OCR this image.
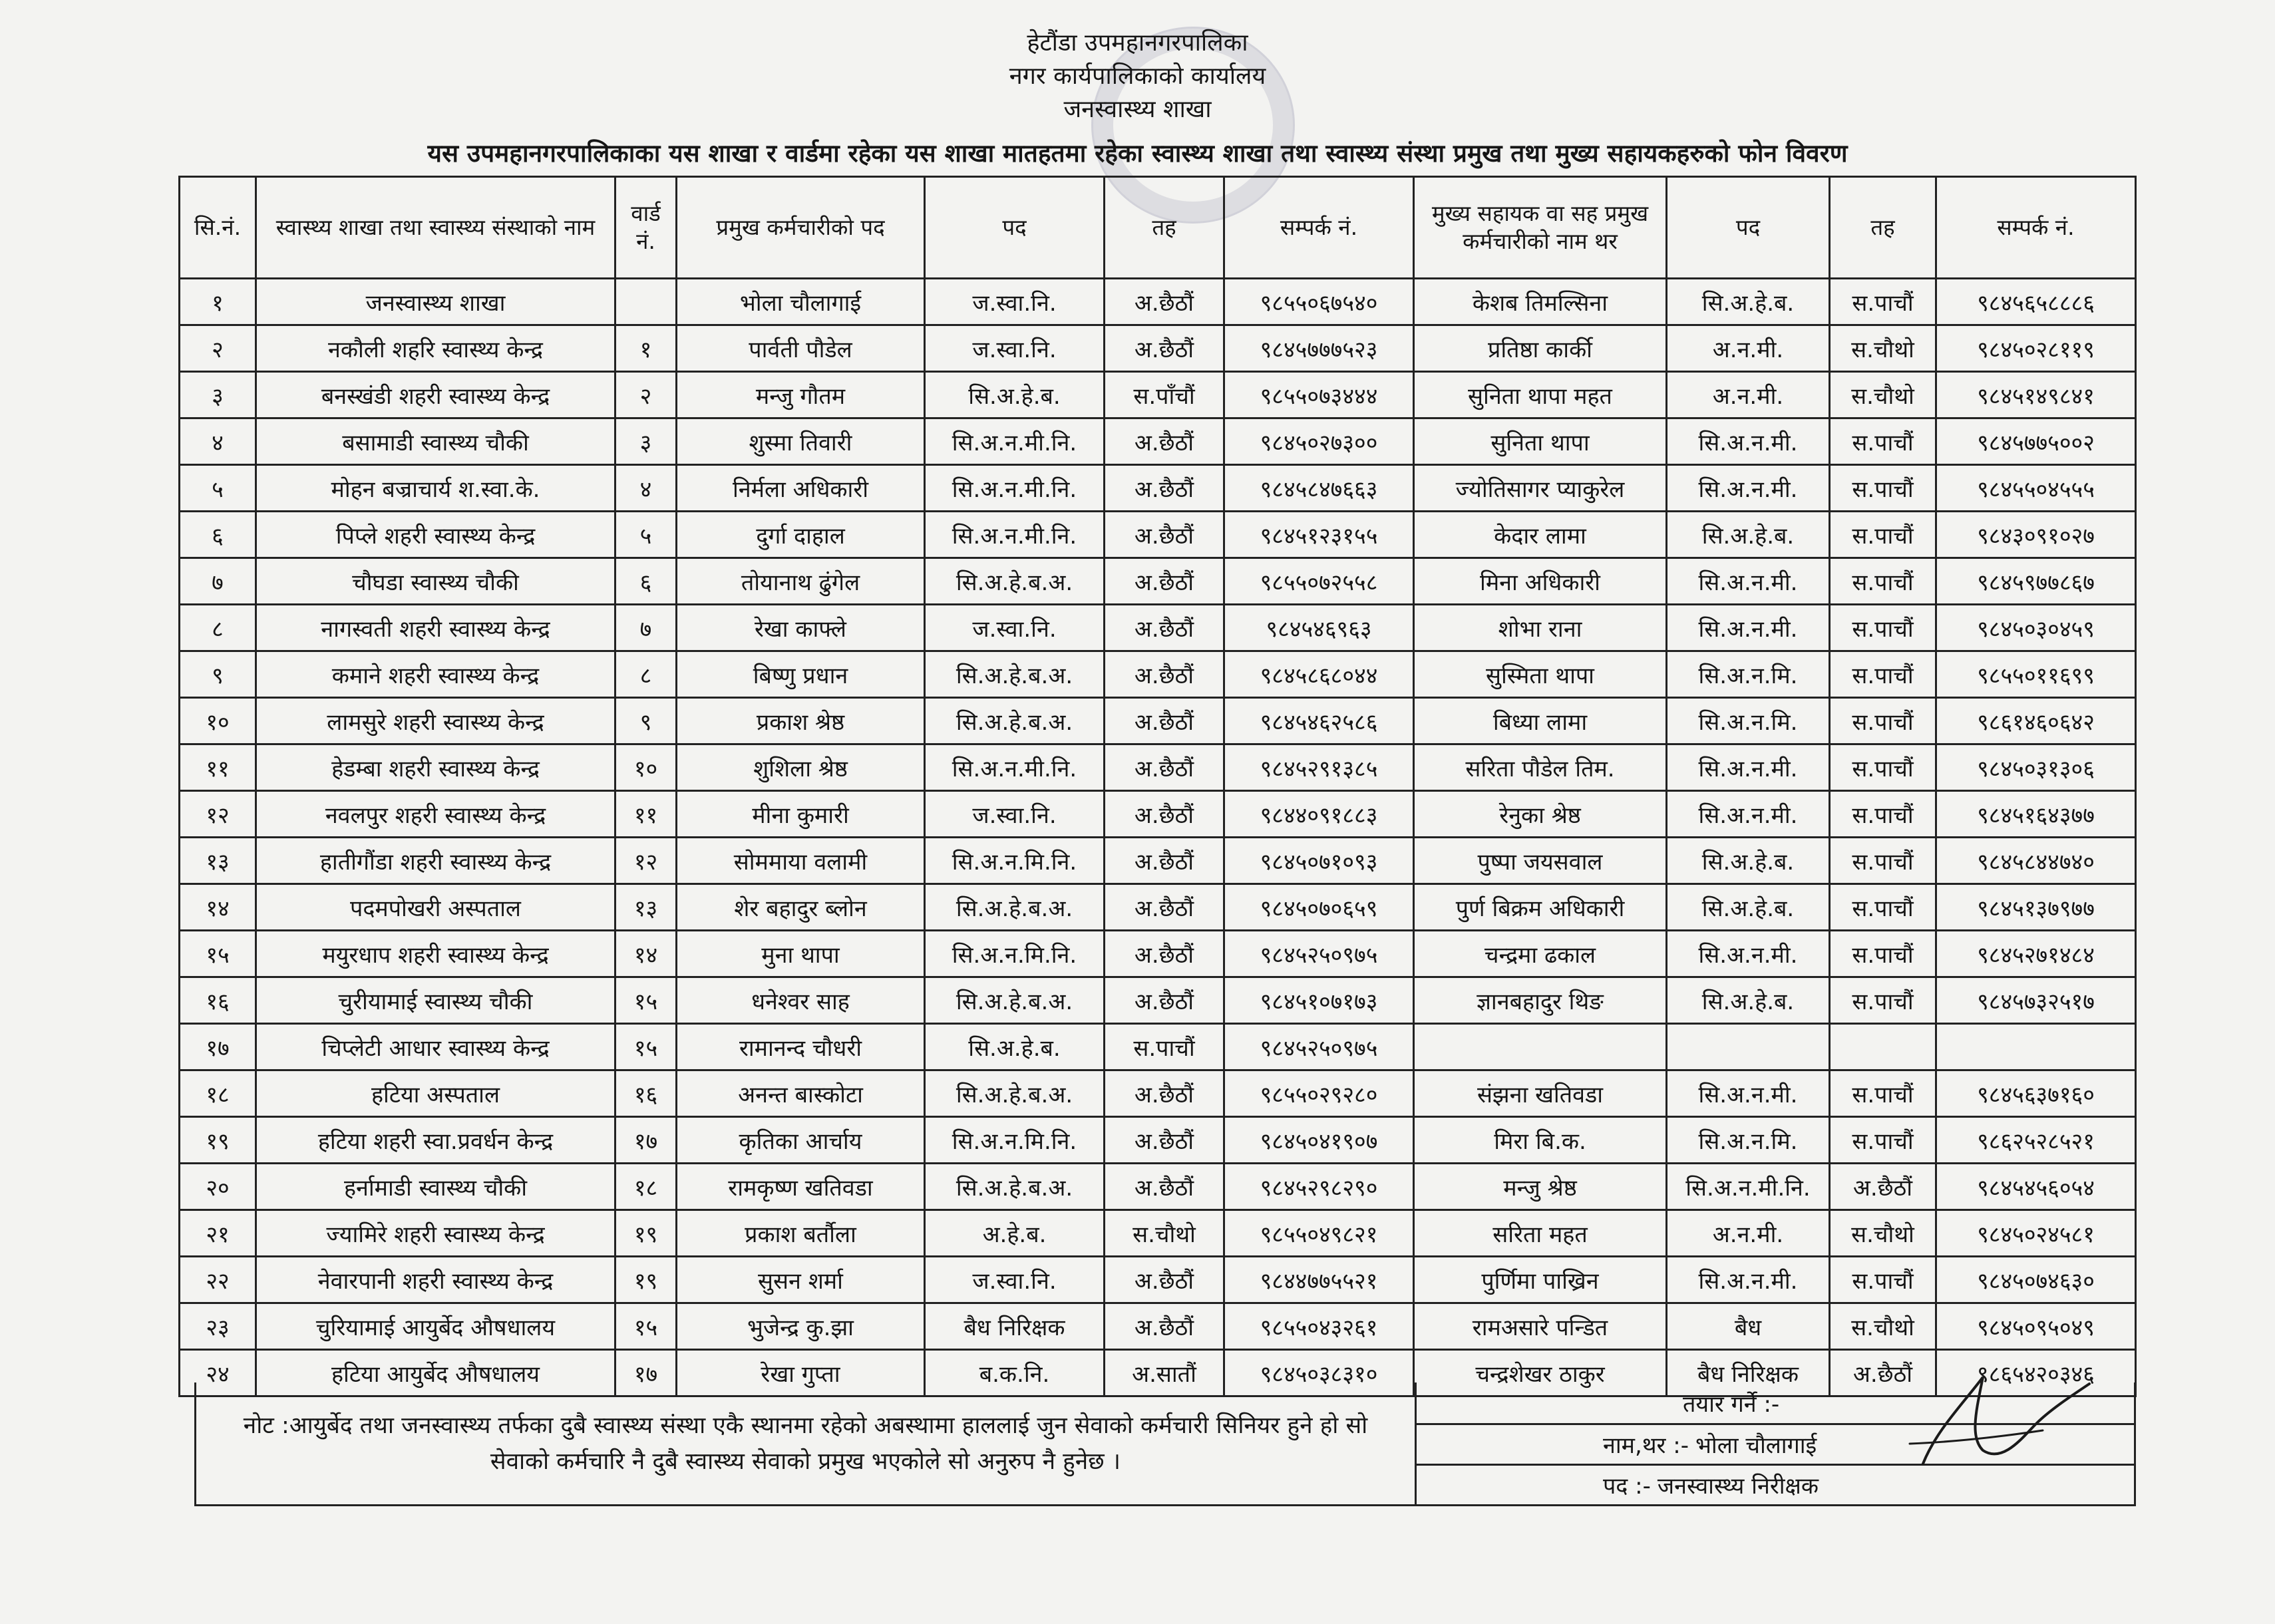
हेटौंडा उपमहानगरपालिका
नगर कार्यपालिकाको कार्यालय
जनस्वास्थ्य शाखा
यस उपमहानगरपालिकाका यस शाखा र वार्डमा रहेका यस शाखा मातहतमा रहेका स्वास्थ्य शाखा तथा स्वास्थ्य संस्था प्रमुख तथा मुख्य सहायकहरुको फोन विवरण
सि.नं.	स्वास्थ्य शाखा तथा स्वास्थ्य संस्थाको नाम	वार्ड नं.	प्रमुख कर्मचारीको पद	पद	तह	सम्पर्क नं.	मुख्य सहायक वा सह प्रमुख कर्मचारीको नाम थर	पद	तह	सम्पर्क नं.
१	जनस्वास्थ्य शाखा		भोला चौलागाई	ज.स्वा.नि.	अ.छैठौं	९८५५०६७५४०	केशब तिमल्सिना	सि.अ.हे.ब.	स.पाचौं	९८४५६५८८८६
२	नकौली शहरि स्वास्थ्य केन्द्र	१	पार्वती पौडेल	ज.स्वा.नि.	अ.छैठौं	९८४५७७७५२३	प्रतिष्ठा कार्की	अ.न.मी.	स.चौथो	९८४५०२८११९
३	बनस्खंडी शहरी स्वास्थ्य केन्द्र	२	मन्जु गौतम	सि.अ.हे.ब.	स.पाँचौं	९८५५०७३४४४	सुनिता थापा महत	अ.न.मी.	स.चौथो	९८४५१४९८४१
४	बसामाडी स्वास्थ्य चौकी	३	शुस्मा तिवारी	सि.अ.न.मी.नि.	अ.छैठौं	९८४५०२७३००	सुनिता थापा	सि.अ.न.मी.	स.पाचौं	९८४५७७५००२
५	मोहन बज्राचार्य श.स्वा.के.	४	निर्मला अधिकारी	सि.अ.न.मी.नि.	अ.छैठौं	९८४५८४७६६३	ज्योतिसागर प्याकुरेल	सि.अ.न.मी.	स.पाचौं	९८४५५०४५५५
६	पिप्ले शहरी स्वास्थ्य केन्द्र	५	दुर्गा दाहाल	सि.अ.न.मी.नि.	अ.छैठौं	९८४५१२३१५५	केदार लामा	सि.अ.हे.ब.	स.पाचौं	९८४३०९१०२७
७	चौघडा स्वास्थ्य चौकी	६	तोयानाथ ढुंगेल	सि.अ.हे.ब.अ.	अ.छैठौं	९८५५०७२५५८	मिना अधिकारी	सि.अ.न.मी.	स.पाचौं	९८४५९७७८६७
८	नागस्वती शहरी स्वास्थ्य केन्द्र	७	रेखा काफ्ले	ज.स्वा.नि.	अ.छैठौं	९८४५४६९६३	शोभा राना	सि.अ.न.मी.	स.पाचौं	९८४५०३०४५९
९	कमाने शहरी स्वास्थ्य केन्द्र	८	बिष्णु प्रधान	सि.अ.हे.ब.अ.	अ.छैठौं	९८४५८६८०४४	सुस्मिता थापा	सि.अ.न.मि.	स.पाचौं	९८५५०११६९९
१०	लामसुरे शहरी स्वास्थ्य केन्द्र	९	प्रकाश श्रेष्ठ	सि.अ.हे.ब.अ.	अ.छैठौं	९८४५४६२५८६	बिध्या लामा	सि.अ.न.मि.	स.पाचौं	९८६१४६०६४२
११	हेडम्बा शहरी स्वास्थ्य केन्द्र	१०	शुशिला श्रेष्ठ	सि.अ.न.मी.नि.	अ.छैठौं	९८४५२९१३८५	सरिता पौडेल तिम.	सि.अ.न.मी.	स.पाचौं	९८४५०३१३०६
१२	नवलपुर शहरी स्वास्थ्य केन्द्र	११	मीना कुमारी	ज.स्वा.नि.	अ.छैठौं	९८४४०९१८८३	रेनुका श्रेष्ठ	सि.अ.न.मी.	स.पाचौं	९८४५१६४३७७
१३	हातीगौंडा शहरी स्वास्थ्य केन्द्र	१२	सोममाया वलामी	सि.अ.न.मि.नि.	अ.छैठौं	९८४५०७१०९३	पुष्पा जयसवाल	सि.अ.हे.ब.	स.पाचौं	९८४५८४४७४०
१४	पदमपोखरी अस्पताल	१३	शेर बहादुर ब्लोन	सि.अ.हे.ब.अ.	अ.छैठौं	९८४५०७०६५९	पुर्ण बिक्रम अधिकारी	सि.अ.हे.ब.	स.पाचौं	९८४५१३७९७७
१५	मयुरधाप शहरी स्वास्थ्य केन्द्र	१४	मुना थापा	सि.अ.न.मि.नि.	अ.छैठौं	९८४५२५०९७५	चन्द्रमा ढकाल	सि.अ.न.मी.	स.पाचौं	९८४५२७१४८४
१६	चुरीयामाई स्वास्थ्य चौकी	१५	धनेश्वर साह	सि.अ.हे.ब.अ.	अ.छैठौं	९८४५१०७१७३	ज्ञानबहादुर थिङ	सि.अ.हे.ब.	स.पाचौं	९८४५७३२५१७
१७	चिप्लेटी आधार स्वास्थ्य केन्द्र	१५	रामानन्द चौधरी	सि.अ.हे.ब.	स.पाचौं	९८४५२५०९७५				
१८	हटिया अस्पताल	१६	अनन्त बास्कोटा	सि.अ.हे.ब.अ.	अ.छैठौं	९८५५०२९२८०	संझना खतिवडा	सि.अ.न.मी.	स.पाचौं	९८४५६३७१६०
१९	हटिया शहरी स्वा.प्रवर्धन केन्द्र	१७	कृतिका आर्चाय	सि.अ.न.मि.नि.	अ.छैठौं	९८४५०४१९०७	मिरा बि.क.	सि.अ.न.मि.	स.पाचौं	९८६२५२८५२१
२०	हर्नामाडी स्वास्थ्य चौकी	१८	रामकृष्ण खतिवडा	सि.अ.हे.ब.अ.	अ.छैठौं	९८४५२९८२९०	मन्जु श्रेष्ठ	सि.अ.न.मी.नि.	अ.छैठौं	९८४५४५६०५४
२१	ज्यामिरे शहरी स्वास्थ्य केन्द्र	१९	प्रकाश बर्तौला	अ.हे.ब.	स.चौथो	९८५५०४९८२१	सरिता महत	अ.न.मी.	स.चौथो	९८४५०२४५८१
२२	नेवारपानी शहरी स्वास्थ्य केन्द्र	१९	सुसन शर्मा	ज.स्वा.नि.	अ.छैठौं	९८४४७७५५२१	पुर्णिमा पाख्रिन	सि.अ.न.मी.	स.पाचौं	९८४५०७४६३०
२३	चुरियामाई आयुर्बेद औषधालय	१५	भुजेन्द्र कु.झा	बैध निरिक्षक	अ.छैठौं	९८५५०४३२६१	रामअसारे पन्डित	बैध	स.चौथो	९८४५०९५०४९
२४	हटिया आयुर्बेद औषधालय	१७	रेखा गुप्ता	ब.क.नि.	अ.सातौं	९८४५०३८३१०	चन्द्रशेखर ठाकुर	बैध निरिक्षक	अ.छैठौं	९८६५४२०३४६
नोट :आयुर्बेद तथा जनस्वास्थ्य तर्फका दुबै स्वास्थ्य संस्था एकै स्थानमा रहेको अबस्थामा हाललाई जुन सेवाको कर्मचारी सिनियर हुने हो सो सेवाको कर्मचारि नै दुबै स्वास्थ्य सेवाको प्रमुख भएकोले सो अनुरुप नै हुनेछ ।
तयार गर्ने :-
नाम,थर :- भोला चौलागाई
पद :- जनस्वास्थ्य निरीक्षक
